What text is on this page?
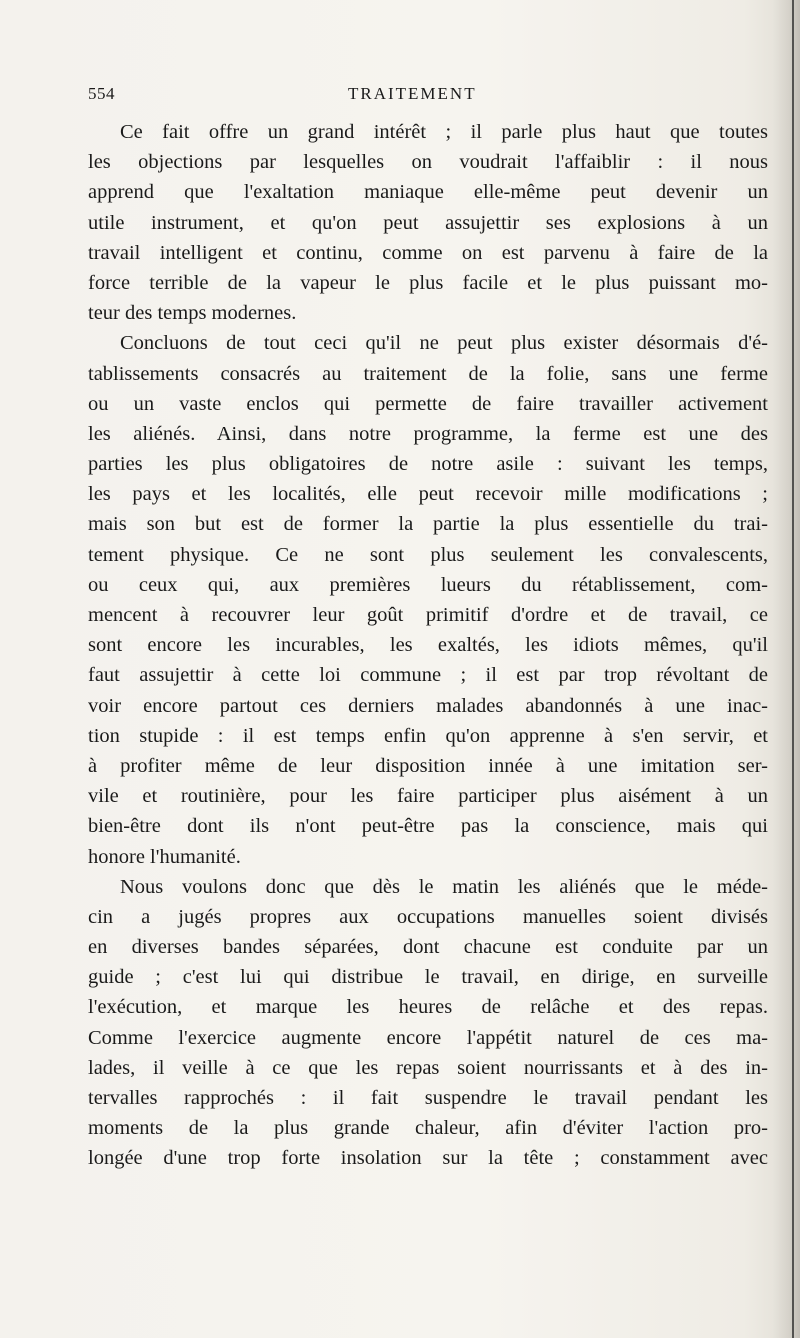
554	TRAITEMENT
Ce fait offre un grand intérêt ; il parle plus haut que toutes
les objections par lesquelles on voudrait l'affaiblir : il nous
apprend que l'exaltation maniaque elle-même peut devenir un
utile instrument, et qu'on peut assujettir ses explosions à un
travail intelligent et continu, comme on est parvenu à faire de la
force terrible de la vapeur le plus facile et le plus puissant mo-
teur des temps modernes.
Concluons de tout ceci qu'il ne peut plus exister désormais d'é-
tablissements consacrés au traitement de la folie, sans une ferme
ou un vaste enclos qui permette de faire travailler activement
les aliénés. Ainsi, dans notre programme, la ferme est une des
parties les plus obligatoires de notre asile : suivant les temps,
les pays et les localités, elle peut recevoir mille modifications ;
mais son but est de former la partie la plus essentielle du trai-
tement physique. Ce ne sont plus seulement les convalescents,
ou ceux qui, aux premières lueurs du rétablissement, com-
mencent à recouvrer leur goût primitif d'ordre et de travail, ce
sont encore les incurables, les exaltés, les idiots mêmes, qu'il
faut assujettir à cette loi commune ; il est par trop révoltant de
voir encore partout ces derniers malades abandonnés à une inac-
tion stupide : il est temps enfin qu'on apprenne à s'en servir, et
à profiter même de leur disposition innée à une imitation ser-
vile et routinière, pour les faire participer plus aisément à un
bien-être dont ils n'ont peut-être pas la conscience, mais qui
honore l'humanité.
Nous voulons donc que dès le matin les aliénés que le méde-
cin a jugés propres aux occupations manuelles soient divisés
en diverses bandes séparées, dont chacune est conduite par un
guide ; c'est lui qui distribue le travail, en dirige, en surveille
l'exécution, et marque les heures de relâche et des repas.
Comme l'exercice augmente encore l'appétit naturel de ces ma-
lades, il veille à ce que les repas soient nourrissants et à des in-
tervalles rapprochés : il fait suspendre le travail pendant les
moments de la plus grande chaleur, afin d'éviter l'action pro-
longée d'une trop forte insolation sur la tête ; constamment avec
